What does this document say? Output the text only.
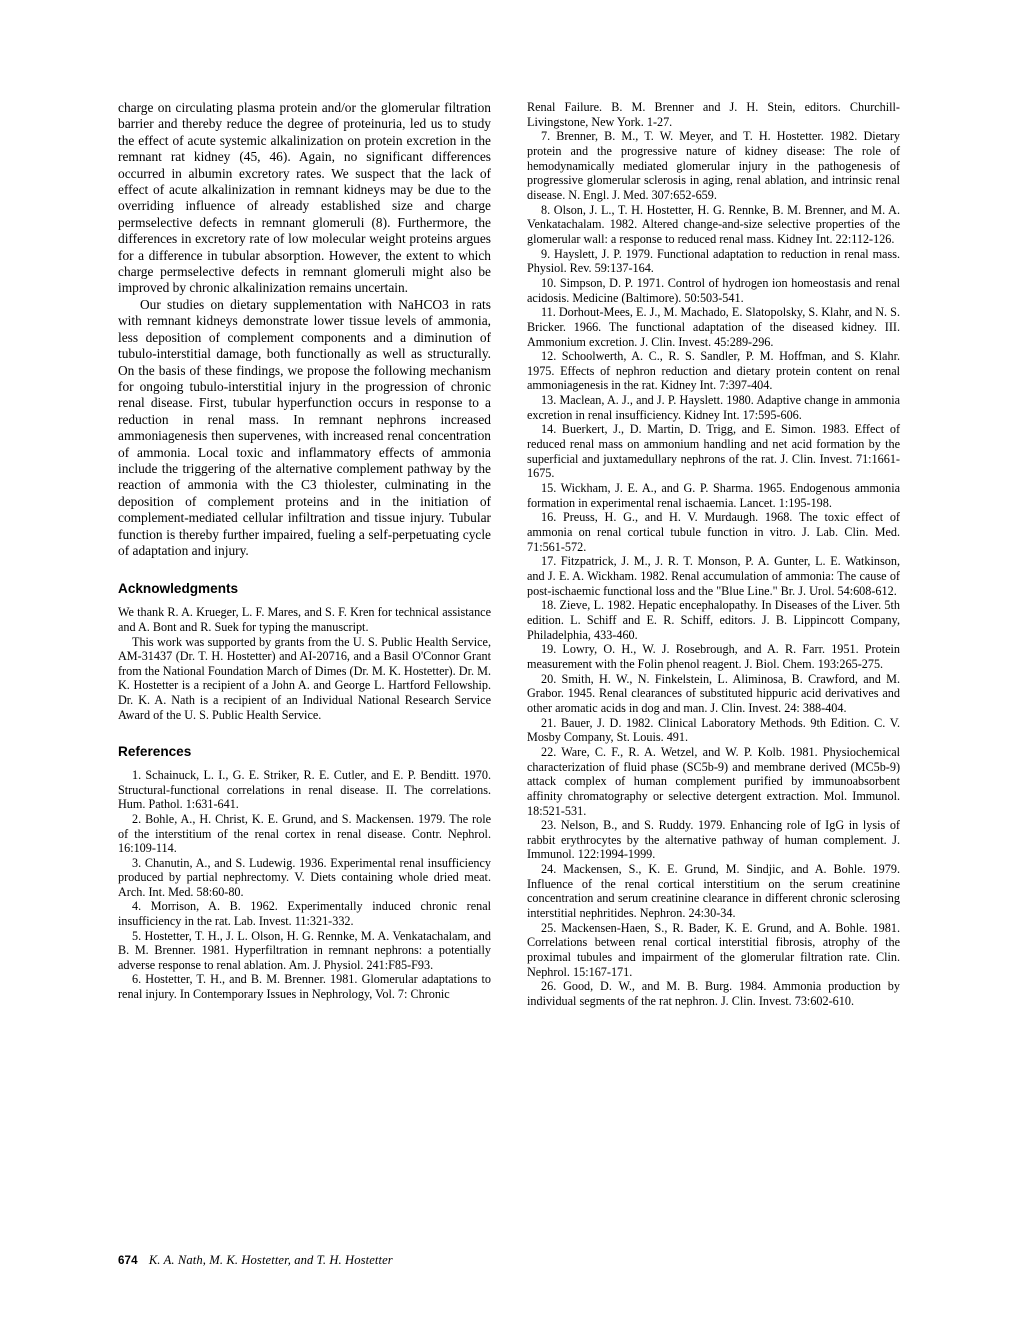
charge on circulating plasma protein and/or the glomerular filtration barrier and thereby reduce the degree of proteinuria, led us to study the effect of acute systemic alkalinization on protein excretion in the remnant rat kidney (45, 46). Again, no significant differences occurred in albumin excretory rates. We suspect that the lack of effect of acute alkalinization in remnant kidneys may be due to the overriding influence of already established size and charge permselective defects in remnant glomeruli (8). Furthermore, the differences in excretory rate of low molecular weight proteins argues for a difference in tubular absorption. However, the extent to which charge permselective defects in remnant glomeruli might also be improved by chronic alkalinization remains uncertain.

Our studies on dietary supplementation with NaHCO3 in rats with remnant kidneys demonstrate lower tissue levels of ammonia, less deposition of complement components and a diminution of tubulo-interstitial damage, both functionally as well as structurally. On the basis of these findings, we propose the following mechanism for ongoing tubulo-interstitial injury in the progression of chronic renal disease. First, tubular hyperfunction occurs in response to a reduction in renal mass. In remnant nephrons increased ammoniagenesis then supervenes, with increased renal concentration of ammonia. Local toxic and inflammatory effects of ammonia include the triggering of the alternative complement pathway by the reaction of ammonia with the C3 thiolester, culminating in the deposition of complement proteins and in the initiation of complement-mediated cellular infiltration and tissue injury. Tubular function is thereby further impaired, fueling a self-perpetuating cycle of adaptation and injury.

Acknowledgments

We thank R. A. Krueger, L. F. Mares, and S. F. Kren for technical assistance and A. Bont and R. Suek for typing the manuscript.

This work was supported by grants from the U. S. Public Health Service, AM-31437 (Dr. T. H. Hostetter) and AI-20716, and a Basil O'Connor Grant from the National Foundation March of Dimes (Dr. M. K. Hostetter). Dr. M. K. Hostetter is a recipient of a John A. and George L. Hartford Fellowship. Dr. K. A. Nath is a recipient of an Individual National Research Service Award of the U. S. Public Health Service.

References

1. Schainuck, L. I., G. E. Striker, R. E. Cutler, and E. P. Benditt. 1970. Structural-functional correlations in renal disease. II. The correlations. Hum. Pathol. 1:631-641.

2. Bohle, A., H. Christ, K. E. Grund, and S. Mackensen. 1979. The role of the interstitium of the renal cortex in renal disease. Contr. Nephrol. 16:109-114.

3. Chanutin, A., and S. Ludewig. 1936. Experimental renal insufficiency produced by partial nephrectomy. V. Diets containing whole dried meat. Arch. Int. Med. 58:60-80.

4. Morrison, A. B. 1962. Experimentally induced chronic renal insufficiency in the rat. Lab. Invest. 11:321-332.

5. Hostetter, T. H., J. L. Olson, H. G. Rennke, M. A. Venkatachalam, and B. M. Brenner. 1981. Hyperfiltration in remnant nephrons: a potentially adverse response to renal ablation. Am. J. Physiol. 241:F85-F93.

6. Hostetter, T. H., and B. M. Brenner. 1981. Glomerular adaptations to renal injury. In Contemporary Issues in Nephrology, Vol. 7: Chronic

Renal Failure. B. M. Brenner and J. H. Stein, editors. Churchill-Livingstone, New York. 1-27.

7. Brenner, B. M., T. W. Meyer, and T. H. Hostetter. 1982. Dietary protein and the progressive nature of kidney disease: The role of hemodynamically mediated glomerular injury in the pathogenesis of progressive glomerular sclerosis in aging, renal ablation, and intrinsic renal disease. N. Engl. J. Med. 307:652-659.

8. Olson, J. L., T. H. Hostetter, H. G. Rennke, B. M. Brenner, and M. A. Venkatachalam. 1982. Altered change-and-size selective properties of the glomerular wall: a response to reduced renal mass. Kidney Int. 22:112-126.

9. Hayslett, J. P. 1979. Functional adaptation to reduction in renal mass. Physiol. Rev. 59:137-164.

10. Simpson, D. P. 1971. Control of hydrogen ion homeostasis and renal acidosis. Medicine (Baltimore). 50:503-541.

11. Dorhout-Mees, E. J., M. Machado, E. Slatopolsky, S. Klahr, and N. S. Bricker. 1966. The functional adaptation of the diseased kidney. III. Ammonium excretion. J. Clin. Invest. 45:289-296.

12. Schoolwerth, A. C., R. S. Sandler, P. M. Hoffman, and S. Klahr. 1975. Effects of nephron reduction and dietary protein content on renal ammoniagenesis in the rat. Kidney Int. 7:397-404.

13. Maclean, A. J., and J. P. Hayslett. 1980. Adaptive change in ammonia excretion in renal insufficiency. Kidney Int. 17:595-606.

14. Buerkert, J., D. Martin, D. Trigg, and E. Simon. 1983. Effect of reduced renal mass on ammonium handling and net acid formation by the superficial and juxtamedullary nephrons of the rat. J. Clin. Invest. 71:1661-1675.

15. Wickham, J. E. A., and G. P. Sharma. 1965. Endogenous ammonia formation in experimental renal ischaemia. Lancet. 1:195-198.

16. Preuss, H. G., and H. V. Murdaugh. 1968. The toxic effect of ammonia on renal cortical tubule function in vitro. J. Lab. Clin. Med. 71:561-572.

17. Fitzpatrick, J. M., J. R. T. Monson, P. A. Gunter, L. E. Watkinson, and J. E. A. Wickham. 1982. Renal accumulation of ammonia: The cause of post-ischaemic functional loss and the "Blue Line." Br. J. Urol. 54:608-612.

18. Zieve, L. 1982. Hepatic encephalopathy. In Diseases of the Liver. 5th edition. L. Schiff and E. R. Schiff, editors. J. B. Lippincott Company, Philadelphia, 433-460.

19. Lowry, O. H., W. J. Rosebrough, and A. R. Farr. 1951. Protein measurement with the Folin phenol reagent. J. Biol. Chem. 193:265-275.

20. Smith, H. W., N. Finkelstein, L. Aliminosa, B. Crawford, and M. Grabor. 1945. Renal clearances of substituted hippuric acid derivatives and other aromatic acids in dog and man. J. Clin. Invest. 24: 388-404.

21. Bauer, J. D. 1982. Clinical Laboratory Methods. 9th Edition. C. V. Mosby Company, St. Louis. 491.

22. Ware, C. F., R. A. Wetzel, and W. P. Kolb. 1981. Physiochemical characterization of fluid phase (SC5b-9) and membrane derived (MC5b-9) attack complex of human complement purified by immunoabsorbent affinity chromatography or selective detergent extraction. Mol. Immunol. 18:521-531.

23. Nelson, B., and S. Ruddy. 1979. Enhancing role of IgG in lysis of rabbit erythrocytes by the alternative pathway of human complement. J. Immunol. 122:1994-1999.

24. Mackensen, S., K. E. Grund, M. Sindjic, and A. Bohle. 1979. Influence of the renal cortical interstitium on the serum creatinine concentration and serum creatinine clearance in different chronic sclerosing interstitial nephritides. Nephron. 24:30-34.

25. Mackensen-Haen, S., R. Bader, K. E. Grund, and A. Bohle. 1981. Correlations between renal cortical interstitial fibrosis, atrophy of the proximal tubules and impairment of the glomerular filtration rate. Clin. Nephrol. 15:167-171.

26. Good, D. W., and M. B. Burg. 1984. Ammonia production by individual segments of the rat nephron. J. Clin. Invest. 73:602-610.

674 K. A. Nath, M. K. Hostetter, and T. H. Hostetter
